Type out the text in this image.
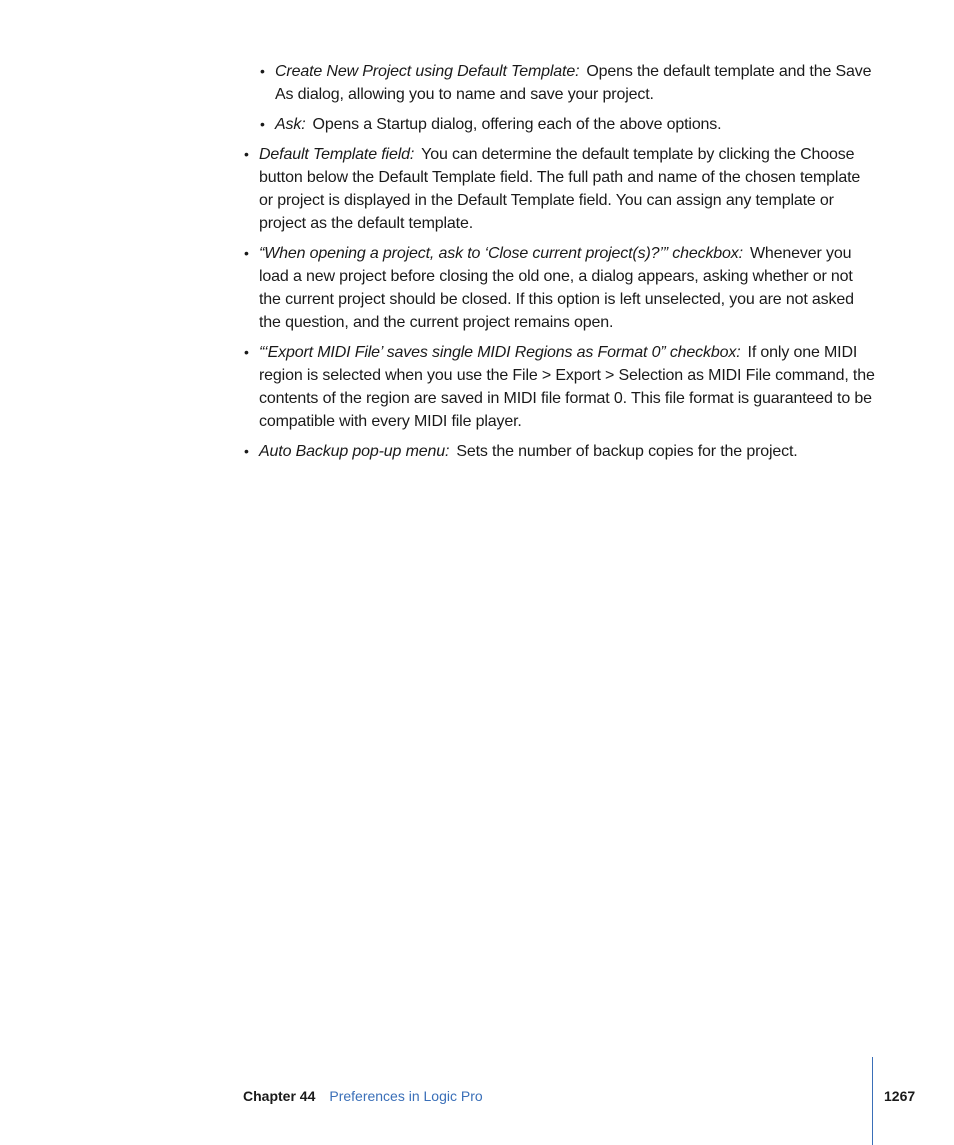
• Create New Project using Default Template: Opens the default template and the Save As dialog, allowing you to name and save your project.
• Ask: Opens a Startup dialog, offering each of the above options.
• Default Template field: You can determine the default template by clicking the Choose button below the Default Template field. The full path and name of the chosen template or project is displayed in the Default Template field. You can assign any template or project as the default template.
• “When opening a project, ask to ‘Close current project(s)?’” checkbox: Whenever you load a new project before closing the old one, a dialog appears, asking whether or not the current project should be closed. If this option is left unselected, you are not asked the question, and the current project remains open.
• “‘Export MIDI File’ saves single MIDI Regions as Format 0” checkbox: If only one MIDI region is selected when you use the File > Export > Selection as MIDI File command, the contents of the region are saved in MIDI file format 0. This file format is guaranteed to be compatible with every MIDI file player.
• Auto Backup pop-up menu: Sets the number of backup copies for the project.
Chapter 44 Preferences in Logic Pro	1267
